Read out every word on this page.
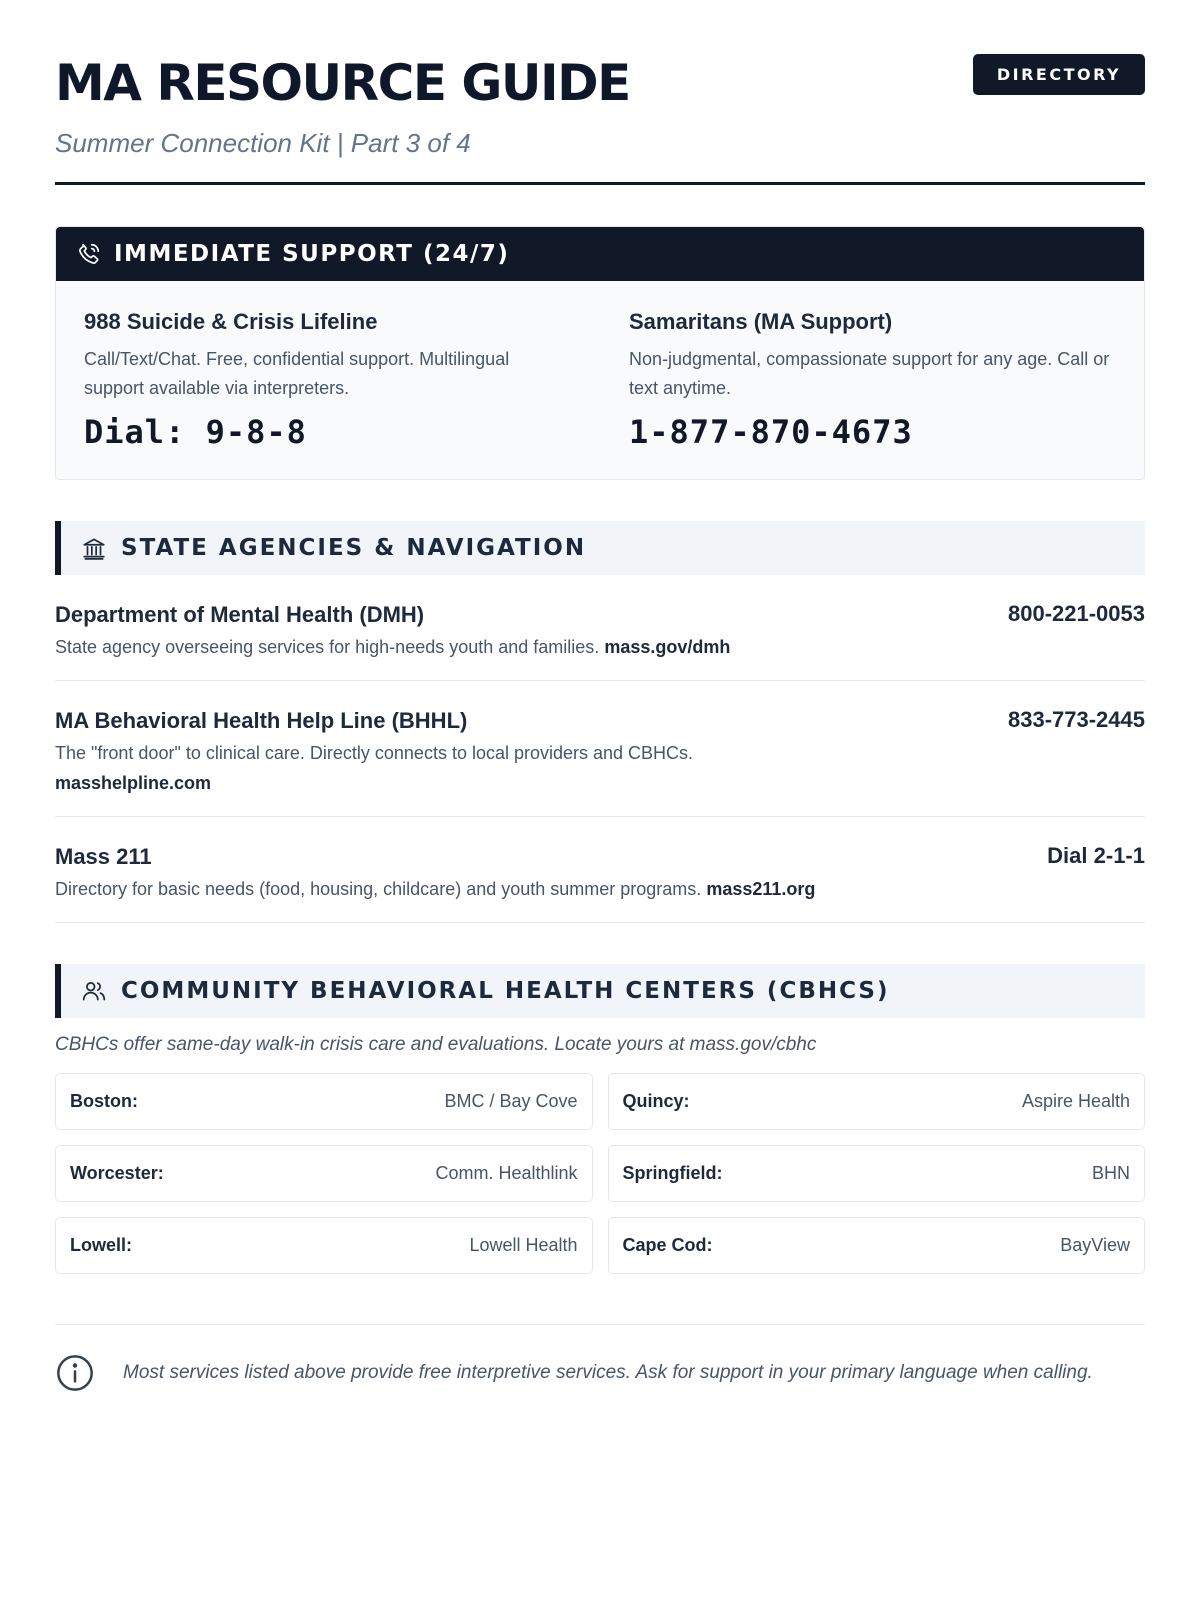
MA RESOURCE GUIDE
Summer Connection Kit | Part 3 of 4
DIRECTORY
IMMEDIATE SUPPORT (24/7)
988 Suicide & Crisis Lifeline
Call/Text/Chat. Free, confidential support. Multilingual support available via interpreters.
Dial: 9-8-8
Samaritans (MA Support)
Non-judgmental, compassionate support for any age. Call or text anytime.
1-877-870-4673
STATE AGENCIES & NAVIGATION
Department of Mental Health (DMH)
State agency overseeing services for high-needs youth and families. mass.gov/dmh
800-221-0053
MA Behavioral Health Help Line (BHHL)
The "front door" to clinical care. Directly connects to local providers and CBHCs.
masshelpline.com
833-773-2445
Mass 211
Directory for basic needs (food, housing, childcare) and youth summer programs. mass211.org
Dial 2-1-1
COMMUNITY BEHAVIORAL HEALTH CENTERS (CBHCS)
CBHCs offer same-day walk-in crisis care and evaluations. Locate yours at mass.gov/cbhc
Boston:	BMC / Bay Cove	Quincy:	Aspire Health
Worcester:	Comm. Healthlink	Springfield:	BHN
Lowell:	Lowell Health	Cape Cod:	BayView
Most services listed above provide free interpretive services. Ask for support in your primary language when calling.
